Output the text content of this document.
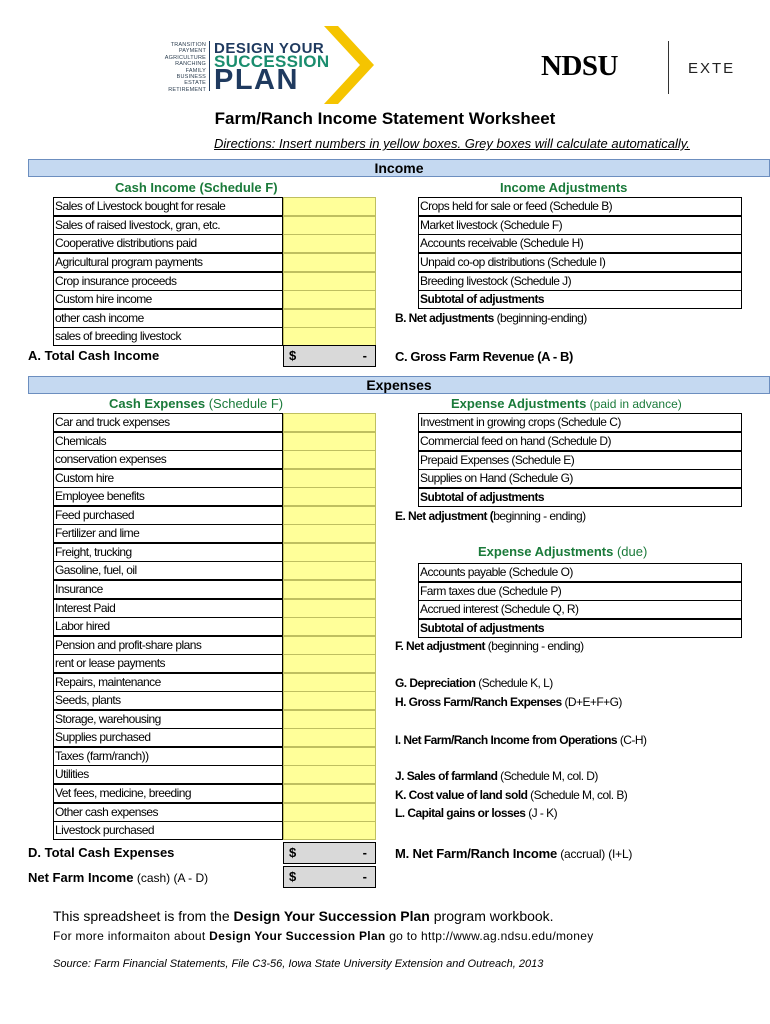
TRANSITION
PAYMENT
AGRICULTURE
RANCHING
FAMILY
BUSINESS
ESTATE
RETIREMENT
DESIGN YOUR
SUCCESSION
PLAN	NDSU	EXTE
Farm/Ranch Income Statement Worksheet
Directions: Insert numbers in yellow boxes. Grey boxes will calculate automatically.
Income
Cash Income (Schedule F)	Income Adjustments
Sales of Livestock bought for resale
Sales of raised livestock, gran, etc.
Cooperative distributions paid
Agricultural program payments
Crop insurance proceeds
Custom hire income
other cash income
sales of breeding livestock
A. Total Cash Income	$	-
Crops held for sale or feed (Schedule B)
Market livestock (Schedule F)
Accounts receivable (Schedule H)
Unpaid co-op distributions (Schedule I)
Breeding livestock (Schedule J)
Subtotal of adjustments
B. Net adjustments (beginning-ending)
C. Gross Farm Revenue (A - B)
Expenses
Cash Expenses (Schedule F)	Expense Adjustments (paid in advance)
Car and truck expenses
Chemicals
conservation expenses
Custom hire
Employee benefits
Feed purchased
Fertilizer and lime
Freight, trucking
Gasoline, fuel, oil
Insurance
Interest Paid
Labor hired
Pension and profit-share plans
rent or lease payments
Repairs, maintenance
Seeds, plants
Storage, warehousing
Supplies purchased
Taxes (farm/ranch))
Utilities
Vet fees, medicine, breeding
Other cash expenses
Livestock purchased
D. Total Cash Expenses	$	-
Net Farm Income (cash) (A - D)	$	-
Investment in growing crops (Schedule C)
Commercial feed on hand (Schedule D)
Prepaid Expenses (Schedule E)
Supplies on Hand (Schedule G)
Subtotal of adjustments
E. Net adjustment (beginning - ending)
Expense Adjustments (due)
Accounts payable (Schedule O)
Farm taxes due (Schedule P)
Accrued interest (Schedule Q, R)
Subtotal of adjustments
F. Net adjustment (beginning - ending)
G. Depreciation (Schedule K, L)
H. Gross Farm/Ranch Expenses (D+E+F+G)
I. Net Farm/Ranch Income from Operations (C-H)
J. Sales of farmland (Schedule M, col. D)
K. Cost value of land sold (Schedule M, col. B)
L. Capital gains or losses (J - K)
M. Net Farm/Ranch Income (accrual) (I+L)
This spreadsheet is from the Design Your Succession Plan program workbook.
For more informaiton about Design Your Succession Plan go to http://www.ag.ndsu.edu/money
Source: Farm Financial Statements, File C3-56, Iowa State University Extension and Outreach, 2013
